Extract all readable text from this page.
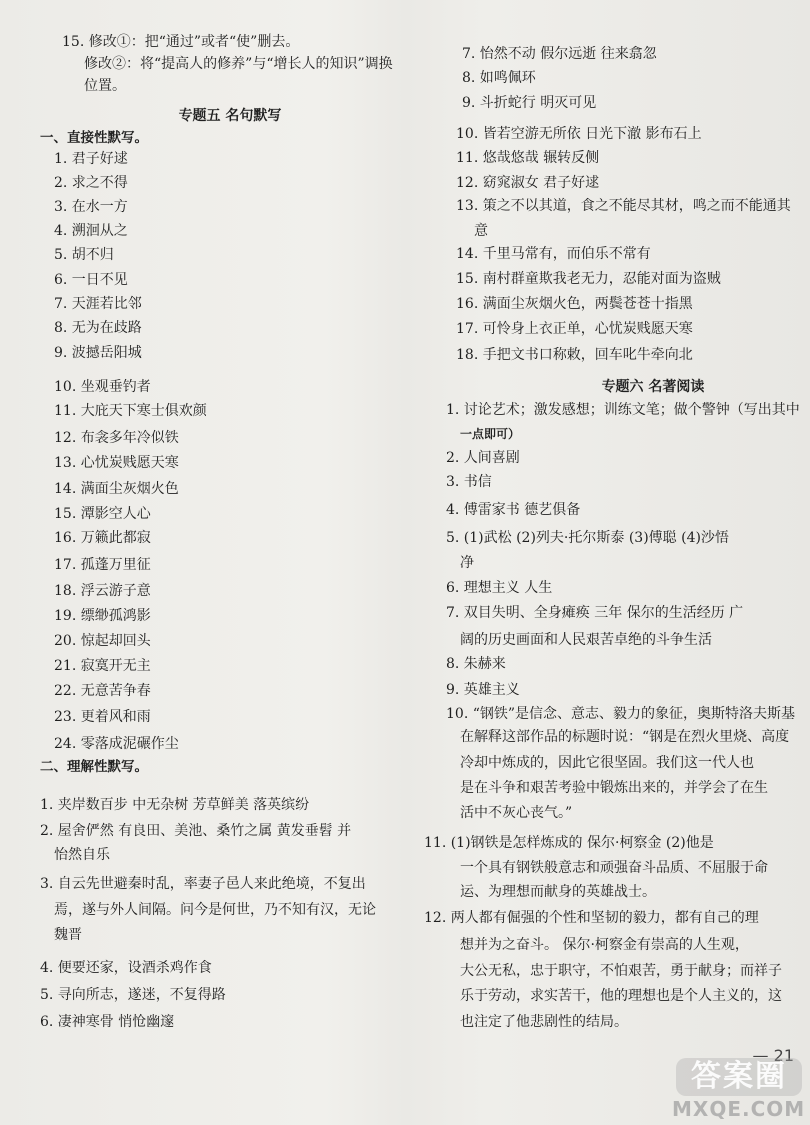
15. 修改①：把“通过”或者“使”删去。
修改②：将“提高人的修养”与“增长人的知识”调换
位置。
专题五 名句默写
一、直接性默写。
1. 君子好逑
2. 求之不得
3. 在水一方
4. 溯洄从之
5. 胡不归
6. 一日不见
7. 天涯若比邻
8. 无为在歧路
9. 波撼岳阳城
10. 坐观垂钓者
11. 大庇天下寒士俱欢颜
12. 布衾多年冷似铁
13. 心忧炭贱愿天寒
14. 满面尘灰烟火色
15. 潭影空人心
16. 万籁此都寂
17. 孤蓬万里征
18. 浮云游子意
19. 缥缈孤鸿影
20. 惊起却回头
21. 寂寞开无主
22. 无意苦争春
23. 更着风和雨
24. 零落成泥碾作尘
二、理解性默写。
1. 夹岸数百步 中无杂树 芳草鲜美 落英缤纷
2. 屋舍俨然 有良田、美池、桑竹之属 黄发垂髫 并
怡然自乐
3. 自云先世避秦时乱，率妻子邑人来此绝境，不复出
焉，遂与外人间隔。问今是何世，乃不知有汉，无论
魏晋
4. 便要还家，设酒杀鸡作食
5. 寻向所志，遂迷，不复得路
6. 凄神寒骨 悄怆幽邃
7. 怡然不动 假尔远逝 往来翕忽
8. 如鸣佩环
9. 斗折蛇行 明灭可见
10. 皆若空游无所依 日光下澈 影布石上
11. 悠哉悠哉 辗转反侧
12. 窈窕淑女 君子好逑
13. 策之不以其道，食之不能尽其材，鸣之而不能通其
意
14. 千里马常有，而伯乐不常有
15. 南村群童欺我老无力，忍能对面为盗贼
16. 满面尘灰烟火色，两鬓苍苍十指黑
17. 可怜身上衣正单，心忧炭贱愿天寒
18. 手把文书口称敕，回车叱牛牵向北
专题六 名著阅读
1. 讨论艺术；激发感想；训练文笔；做个警钟（写出其中
一点即可）
2. 人间喜剧
3. 书信
4. 傅雷家书 德艺俱备
5. (1)武松 (2)列夫·托尔斯泰 (3)傅聪 (4)沙悟
净
6. 理想主义 人生
7. 双目失明、全身瘫痪 三年 保尔的生活经历 广
阔的历史画面和人民艰苦卓绝的斗争生活
8. 朱赫来
9. 英雄主义
10. “钢铁”是信念、意志、毅力的象征，奥斯特洛夫斯基
在解释这部作品的标题时说：“钢是在烈火里烧、高度
冷却中炼成的，因此它很坚固。我们这一代人也
是在斗争和艰苦考验中锻炼出来的，并学会了在生
活中不灰心丧气。”
11. (1)钢铁是怎样炼成的 保尔·柯察金 (2)他是
一个具有钢铁般意志和顽强奋斗品质、不屈服于命
运、为理想而献身的英雄战士。
12. 两人都有倔强的个性和坚韧的毅力，都有自己的理
想并为之奋斗。 保尔·柯察金有崇高的人生观，
大公无私，忠于职守，不怕艰苦，勇于献身；而祥子
乐于劳动，求实苦干，他的理想也是个人主义的，这
也注定了他悲剧性的结局。
— 21
答案圈
MXQE.COM
